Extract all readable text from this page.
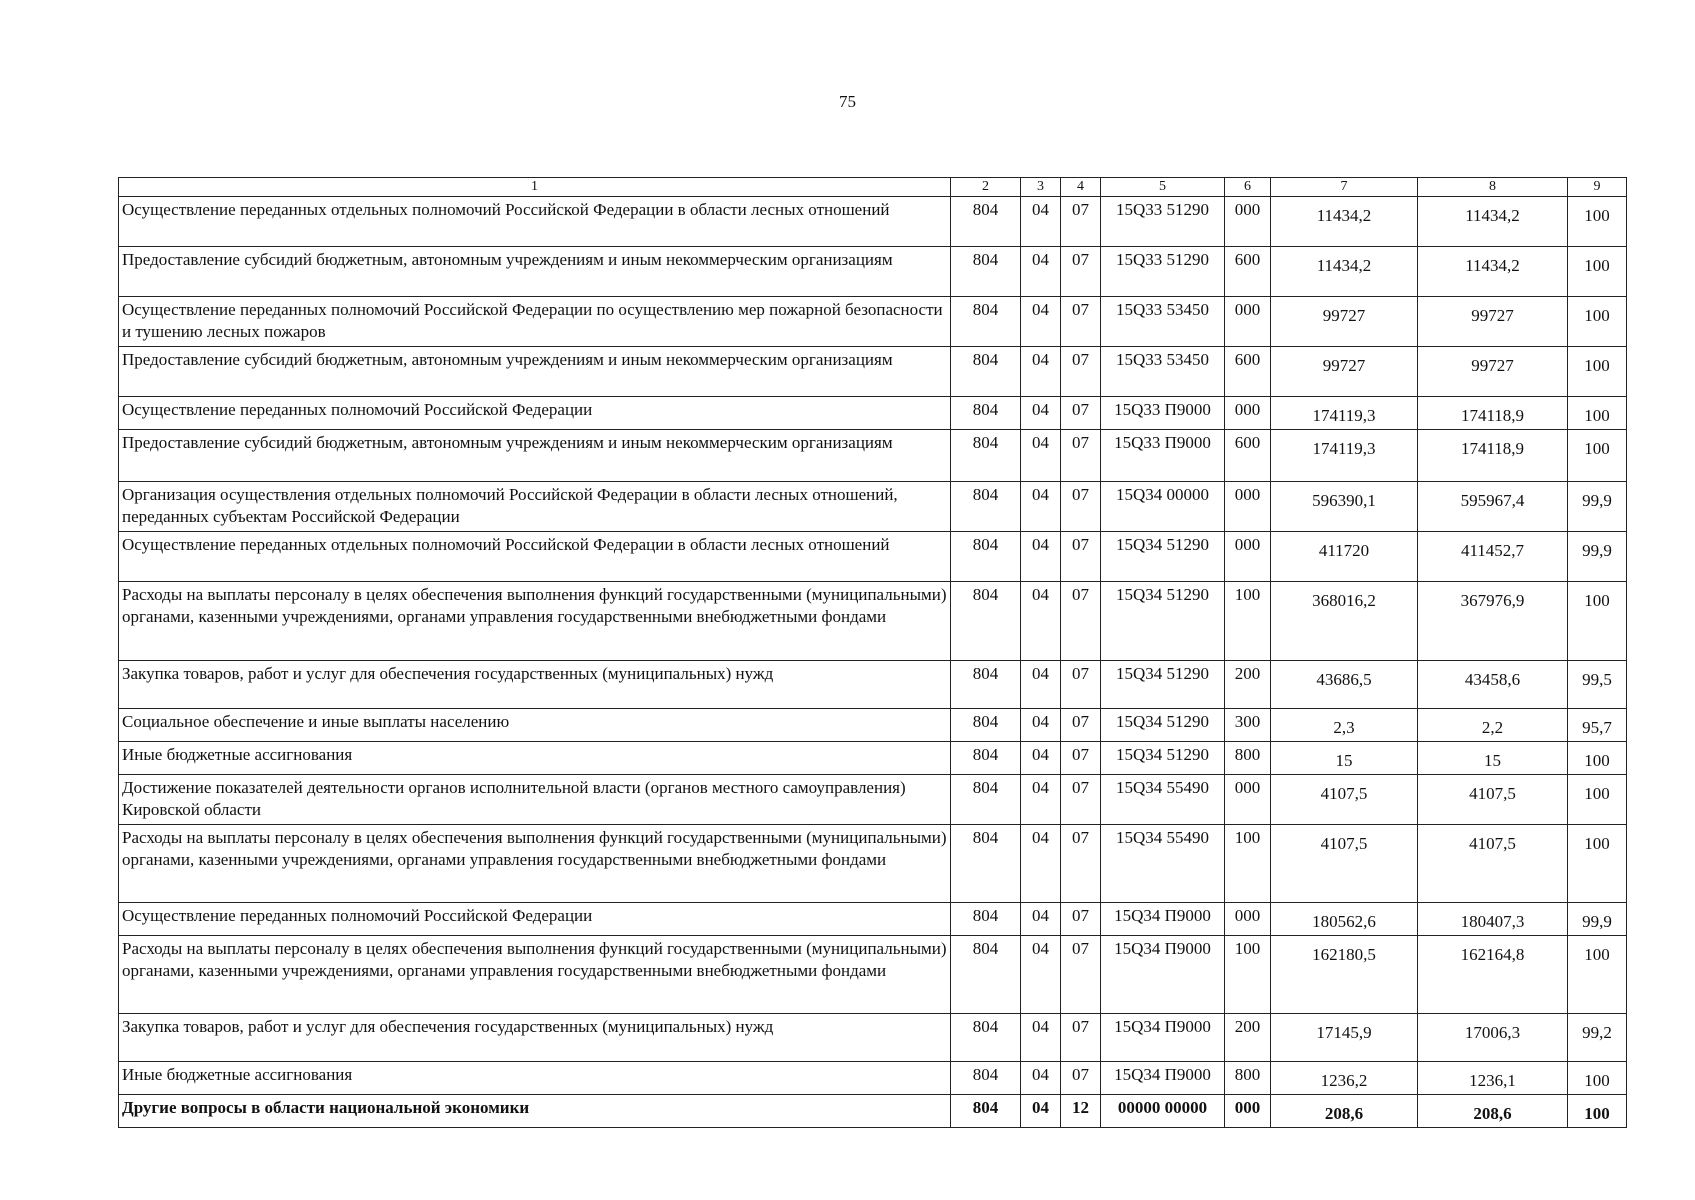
75
1	2	3	4	5	6	7	8	9
Осуществление переданных отдельных полномочий Российской Федерации в области лесных отношений	804	04	07	15Q33 51290	000	11434,2	11434,2	100
Предоставление субсидий бюджетным, автономным учреждениям и иным некоммерческим организациям	804	04	07	15Q33 51290	600	11434,2	11434,2	100
Осуществление переданных полномочий Российской Федерации по осуществлению мер пожарной безопасности и тушению лесных пожаров	804	04	07	15Q33 53450	000	99727	99727	100
Предоставление субсидий бюджетным, автономным учреждениям и иным некоммерческим организациям	804	04	07	15Q33 53450	600	99727	99727	100
Осуществление переданных полномочий Российской Федерации	804	04	07	15Q33 П9000	000	174119,3	174118,9	100
Предоставление субсидий бюджетным, автономным учреждениям и иным некоммерческим организациям	804	04	07	15Q33 П9000	600	174119,3	174118,9	100
Организация осуществления отдельных полномочий Российской Федерации в области лесных отношений, переданных субъектам Российской Федерации	804	04	07	15Q34 00000	000	596390,1	595967,4	99,9
Осуществление переданных отдельных полномочий Российской Федерации в области лесных отношений	804	04	07	15Q34 51290	000	411720	411452,7	99,9
Расходы на выплаты персоналу в целях обеспечения выполнения функций государственными (муниципальными) органами, казенными учреждениями, органами управления государственными внебюджетными фондами	804	04	07	15Q34 51290	100	368016,2	367976,9	100
Закупка товаров, работ и услуг для обеспечения государственных (муниципальных) нужд	804	04	07	15Q34 51290	200	43686,5	43458,6	99,5
Социальное обеспечение и иные выплаты населению	804	04	07	15Q34 51290	300	2,3	2,2	95,7
Иные бюджетные ассигнования	804	04	07	15Q34 51290	800	15	15	100
Достижение показателей деятельности органов исполнительной власти (органов местного самоуправления) Кировской области	804	04	07	15Q34 55490	000	4107,5	4107,5	100
Расходы на выплаты персоналу в целях обеспечения выполнения функций государственными (муниципальными) органами, казенными учреждениями, органами управления государственными внебюджетными фондами	804	04	07	15Q34 55490	100	4107,5	4107,5	100
Осуществление переданных полномочий Российской Федерации	804	04	07	15Q34 П9000	000	180562,6	180407,3	99,9
Расходы на выплаты персоналу в целях обеспечения выполнения функций государственными (муниципальными) органами, казенными учреждениями, органами управления государственными внебюджетными фондами	804	04	07	15Q34 П9000	100	162180,5	162164,8	100
Закупка товаров, работ и услуг для обеспечения государственных (муниципальных) нужд	804	04	07	15Q34 П9000	200	17145,9	17006,3	99,2
Иные бюджетные ассигнования	804	04	07	15Q34 П9000	800	1236,2	1236,1	100
Другие вопросы в области национальной экономики	804	04	12	00000 00000	000	208,6	208,6	100
